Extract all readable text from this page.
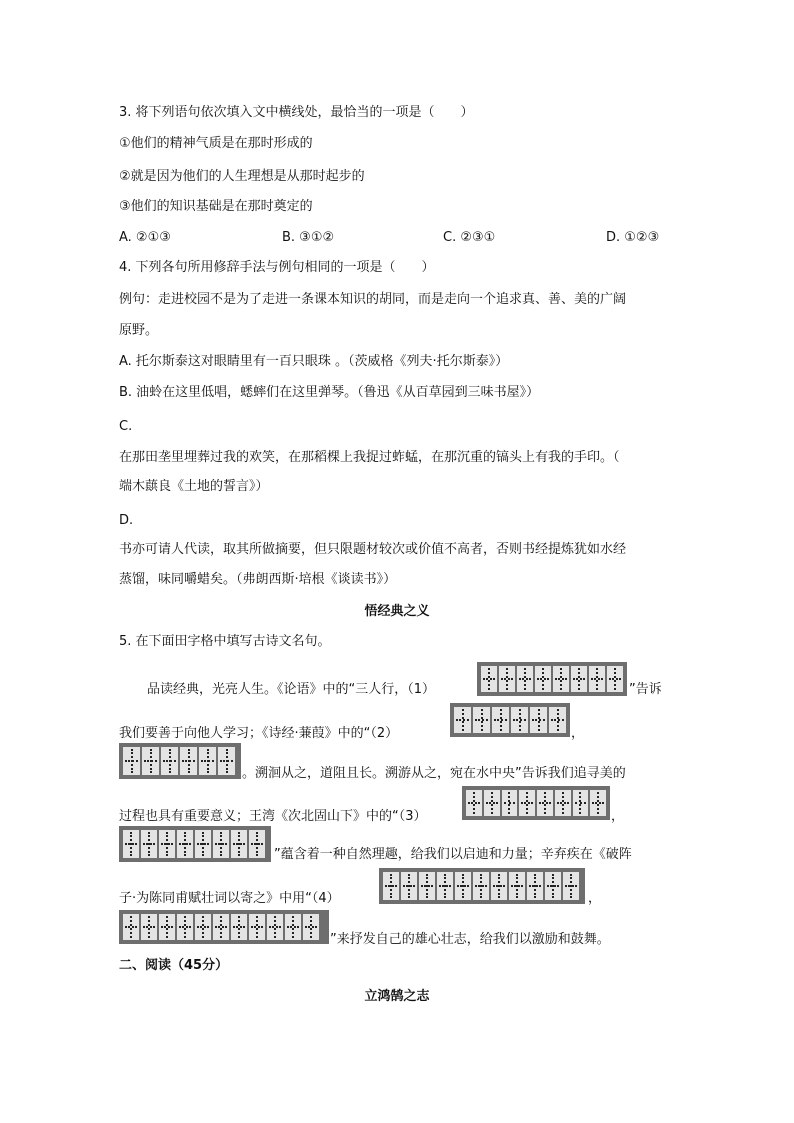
3. 将下列语句依次填入文中横线处，最恰当的一项是（　　）
①他们的精神气质是在那时形成的
②就是因为他们的人生理想是从那时起步的
③他们的知识基础是在那时奠定的
A. ②①③	B. ③①②	C. ②③①	D. ①②③
4. 下列各句所用修辞手法与例句相同的一项是（　　）
例句：走进校园不是为了走进一条课本知识的胡同，而是走向一个追求真、善、美的广阔
原野。
A. 托尔斯泰这对眼睛里有一百只眼珠 。（茨威格《列夫·托尔斯泰》）
B. 油蛉在这里低唱，蟋蟀们在这里弹琴。（鲁迅《从百草园到三味书屋》）
C.
在那田垄里埋葬过我的欢笑，在那稻棵上我捉过蚱蜢，在那沉重的镐头上有我的手印。（
端木蕻良《土地的誓言》）
D.
书亦可请人代读，取其所做摘要，但只限题材较次或价值不高者，否则书经提炼犹如水经
蒸馏，味同嚼蜡矣。（弗朗西斯·培根《谈读书》）
悟经典之义
5. 在下面田字格中填写古诗文名句。
品读经典，光亮人生。《论语》中的“三人行，（1）	”告诉
我们要善于向他人学习；《诗经·蒹葭》中的“（2）	，
。溯洄从之，道阻且长。溯游从之，宛在水中央”告诉我们追寻美的
过程也具有重要意义；王湾《次北固山下》中的“（3）	，
”蕴含着一种自然理趣，给我们以启迪和力量；辛弃疾在《破阵
子·为陈同甫赋壮词以寄之》中用“（4）	，
”来抒发自己的雄心壮志，给我们以激励和鼓舞。
二、阅读（45分）
立鸿鹄之志
